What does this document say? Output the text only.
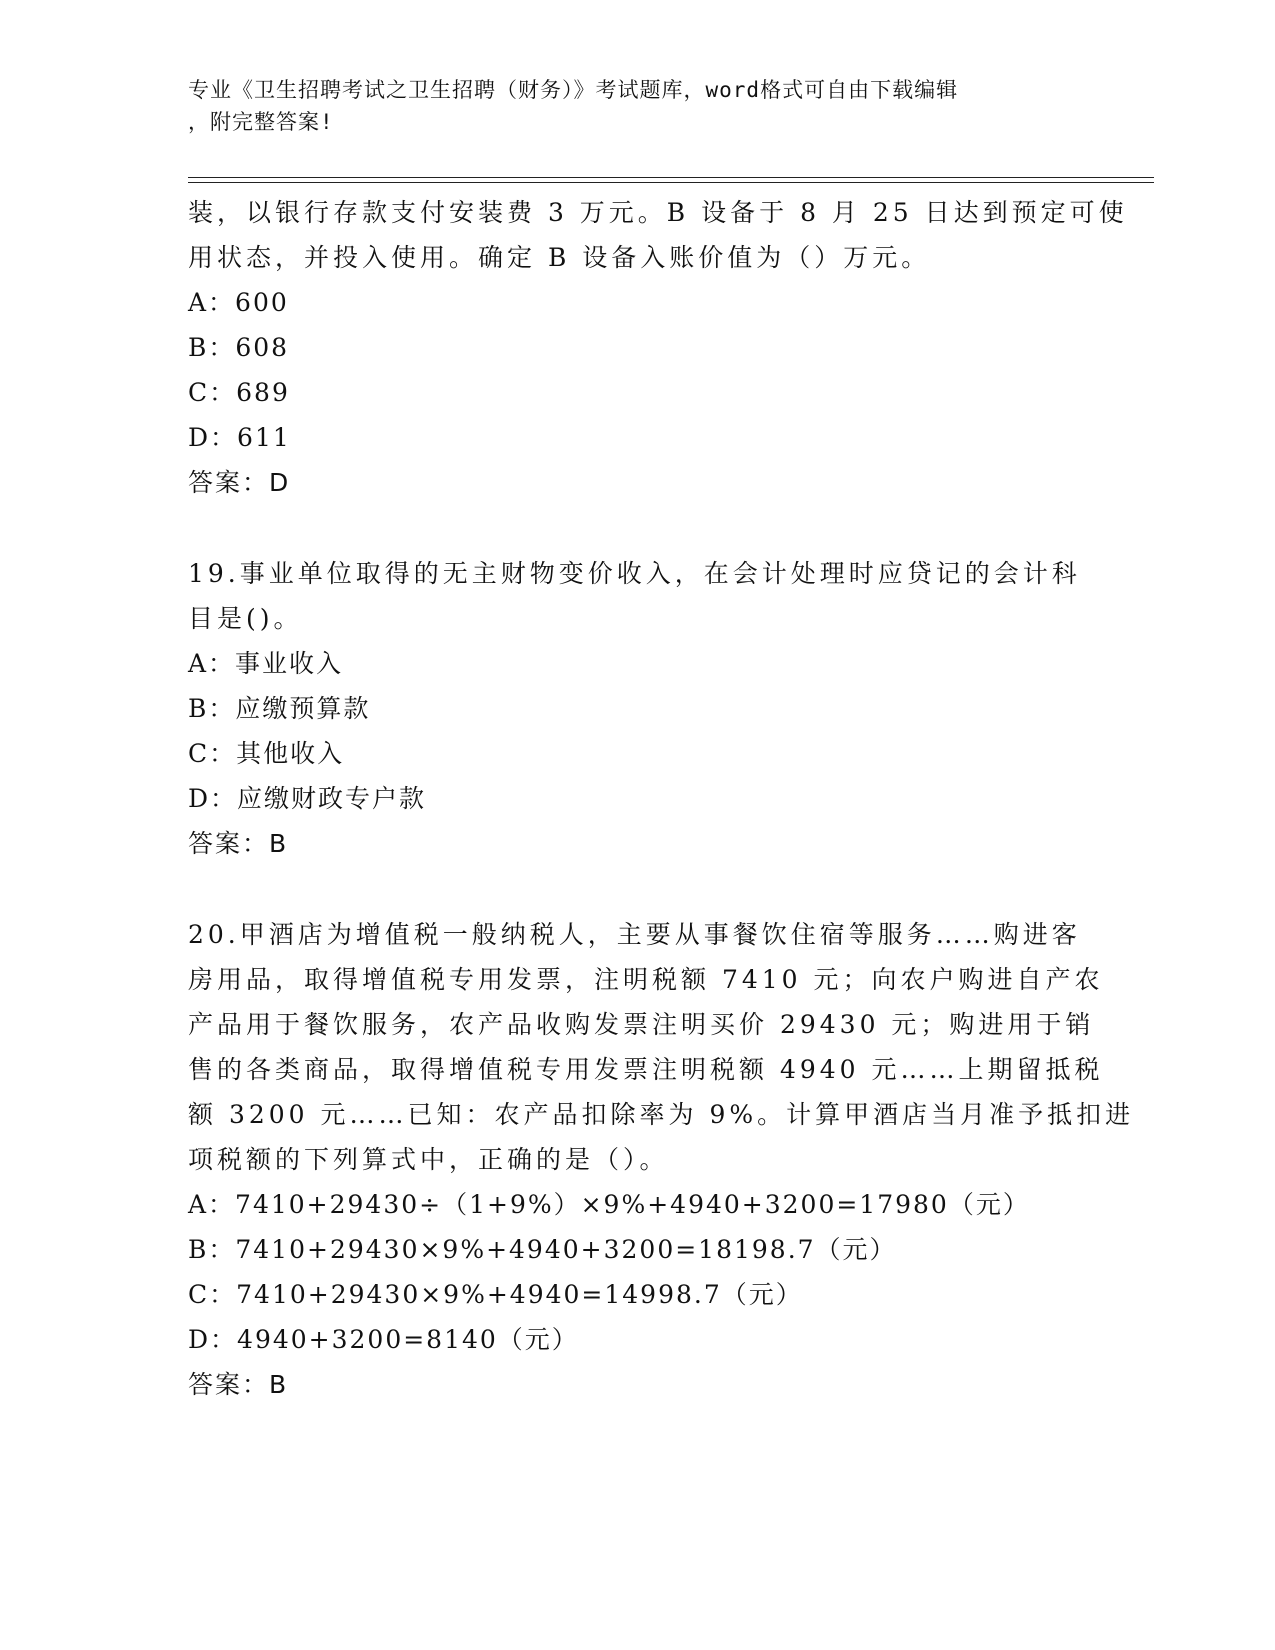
专业《卫生招聘考试之卫生招聘（财务）》考试题库，word格式可自由下载编辑
，附完整答案!
装，以银行存款支付安装费 3 万元。B 设备于 8 月 25 日达到预定可使
用状态，并投入使用。确定 B 设备入账价值为（）万元。
A：600
B：608
C：689
D：611
答案：D
19.事业单位取得的无主财物变价收入，在会计处理时应贷记的会计科
目是()。
A：事业收入
B：应缴预算款
C：其他收入
D：应缴财政专户款
答案：B
20.甲酒店为增值税一般纳税人，主要从事餐饮住宿等服务……购进客
房用品，取得增值税专用发票，注明税额 7410 元；向农户购进自产农
产品用于餐饮服务，农产品收购发票注明买价 29430 元；购进用于销
售的各类商品，取得增值税专用发票注明税额 4940 元……上期留抵税
额 3200 元……已知：农产品扣除率为 9%。计算甲酒店当月准予抵扣进
项税额的下列算式中，正确的是（）。
A：7410+29430÷（1+9%）×9%+4940+3200=17980（元）
B：7410+29430×9%+4940+3200=18198.7（元）
C：7410+29430×9%+4940=14998.7（元）
D：4940+3200=8140（元）
答案：B
